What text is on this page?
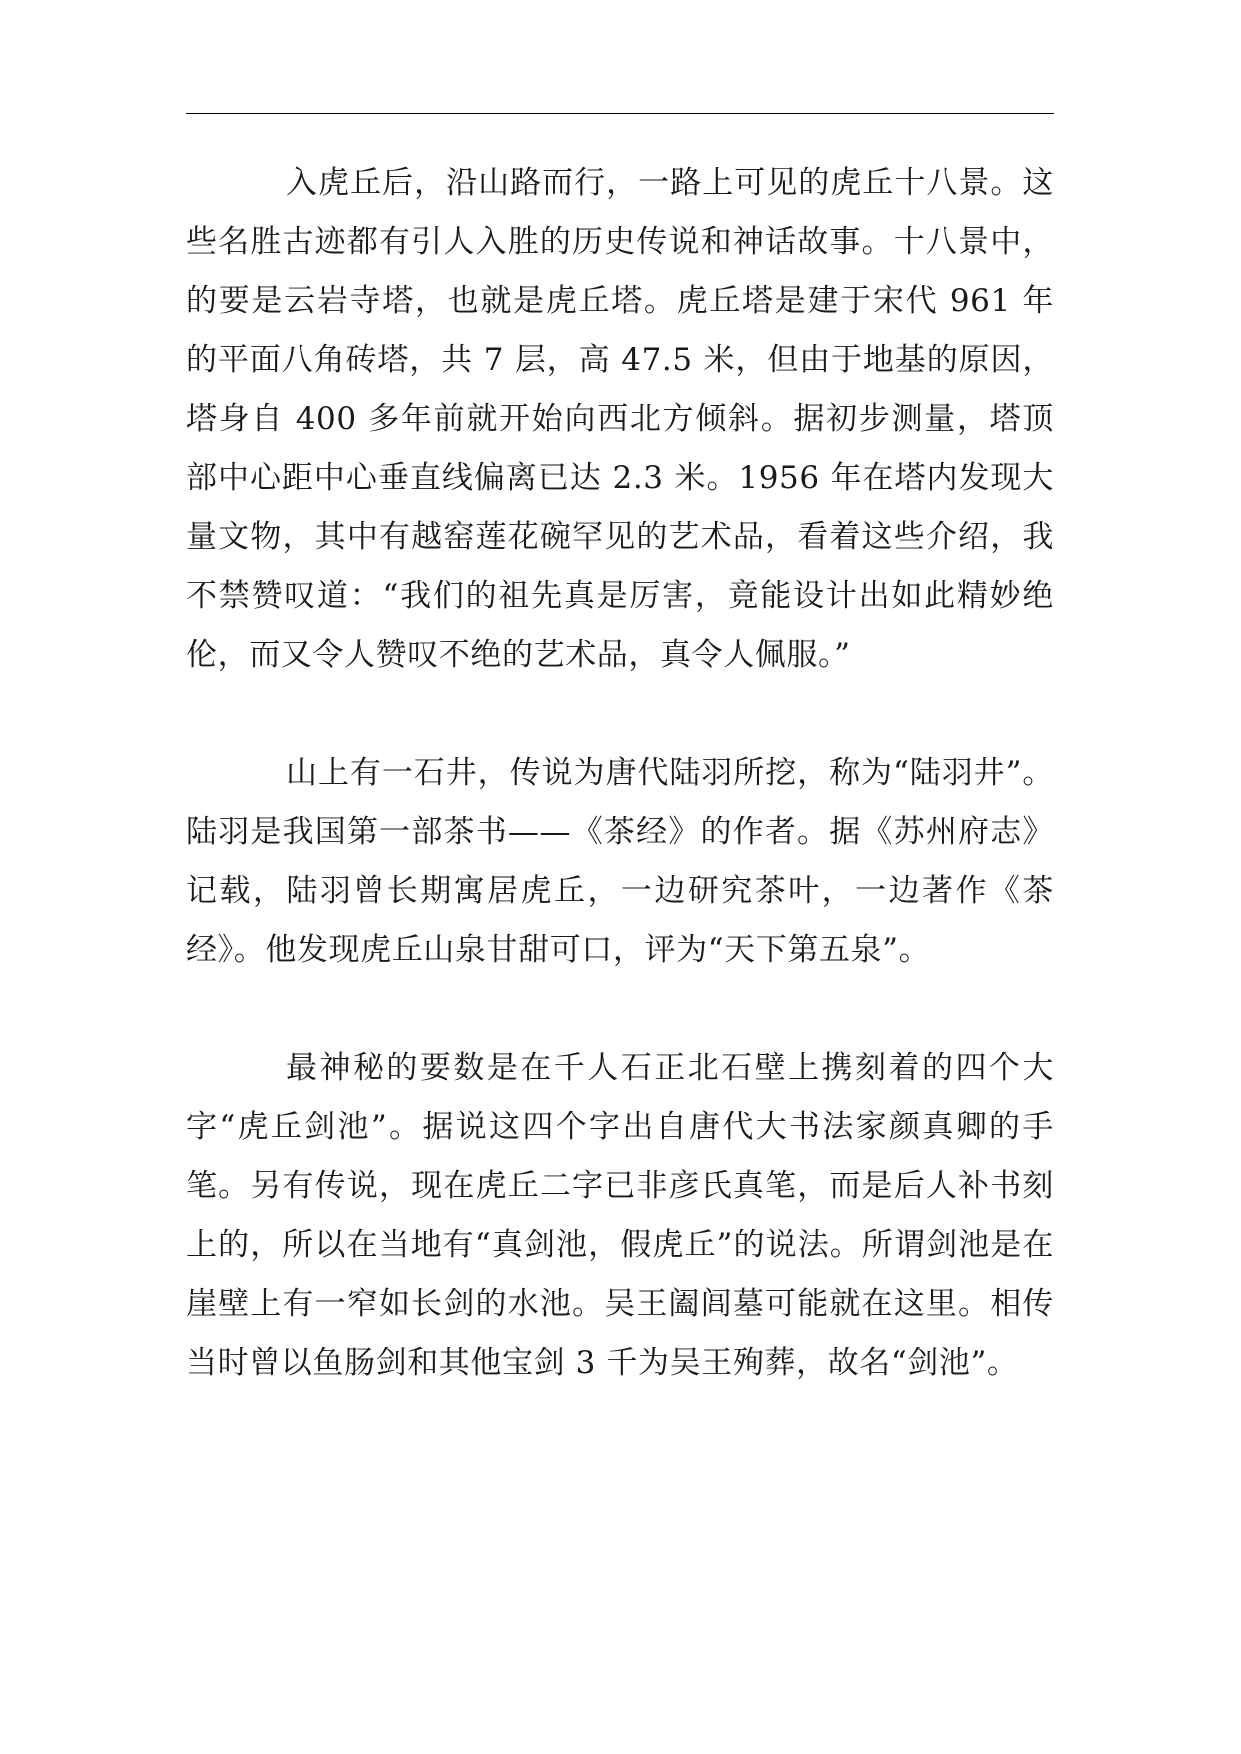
入虎丘后，沿山路而行，一路上可见的虎丘十八景。这些名胜古迹都有引人入胜的历史传说和神话故事。十八景中，的要是云岩寺塔，也就是虎丘塔。虎丘塔是建于宋代 961 年的平面八角砖塔，共 7 层，高 47.5 米，但由于地基的原因，塔身自 400 多年前就开始向西北方倾斜。据初步测量，塔顶部中心距中心垂直线偏离已达 2.3 米。1956 年在塔内发现大量文物，其中有越窑莲花碗罕见的艺术品，看着这些介绍，我不禁赞叹道：“我们的祖先真是厉害，竟能设计出如此精妙绝伦，而又令人赞叹不绝的艺术品，真令人佩服。”

山上有一石井，传说为唐代陆羽所挖，称为“陆羽井”。陆羽是我国第一部茶书——《茶经》的作者。据《苏州府志》记载，陆羽曾长期寓居虎丘，一边研究茶叶，一边著作《茶经》。他发现虎丘山泉甘甜可口，评为“天下第五泉”。

最神秘的要数是在千人石正北石壁上携刻着的四个大字“虎丘剑池”。据说这四个字出自唐代大书法家颜真卿的手笔。另有传说，现在虎丘二字已非彦氏真笔，而是后人补书刻上的，所以在当地有“真剑池，假虎丘”的说法。所谓剑池是在崖壁上有一窄如长剑的水池。吴王阖闾墓可能就在这里。相传当时曾以鱼肠剑和其他宝剑 3 千为吴王殉葬，故名“剑池”。
